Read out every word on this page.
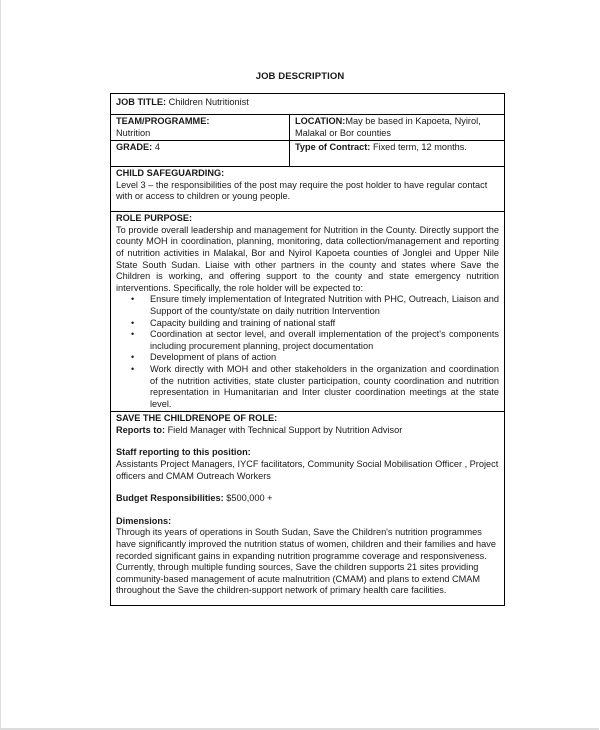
JOB DESCRIPTION
JOB TITLE: Children Nutritionist	

TEAM/PROGRAMME:
Nutrition	LOCATION:May be based in Kapoeta, Nyirol, Malakal or Bor counties
GRADE: 4	Type of Contract: Fixed term, 12 months.

CHILD SAFEGUARDING:
Level 3 – the responsibilities of the post may require the post holder to have regular contact with or access to children or young people.	

ROLE PURPOSE:
To provide overall leadership and management for Nutrition in the County. Directly support the county MOH in coordination, planning, monitoring, data collection/management and reporting of nutrition activities in Malakal, Bor and Nyirol Kapoeta counties of Jonglei and Upper Nile State South Sudan. Liaise with other partners in the county and states where Save the Children is working, and offering support to the county and state emergency nutrition interventions. Specifically, the role holder will be expected to:
• Ensure timely implementation of Integrated Nutrition with PHC, Outreach, Liaison and Support of the county/state on daily nutrition Intervention
• Capacity building and training of national staff
• Coordination at sector level, and overall implementation of the project's components including procurement planning, project documentation
• Development of plans of action
• Work directly with MOH and other stakeholders in the organization and coordination of the nutrition activities, state cluster participation, county coordination and nutrition representation in Humanitarian and Inter cluster coordination meetings at the state level.

SAVE THE CHILDRENOPE OF ROLE:
Reports to: Field Manager with Technical Support by Nutrition Advisor
Staff reporting to this position:
Assistants Project Managers, IYCF facilitators, Community Social Mobilisation Officer , Project officers and CMAM Outreach Workers
Budget Responsibilities: $500,000 +
Dimensions:
Through its years of operations in South Sudan, Save the Children's nutrition programmes have significantly improved the nutrition status of women, children and their families and have recorded significant gains in expanding nutrition programme coverage and responsiveness. Currently, through multiple funding sources, Save the children supports 21 sites providing community-based management of acute malnutrition (CMAM) and plans to extend CMAM throughout the Save the children-support network of primary health care facilities.
